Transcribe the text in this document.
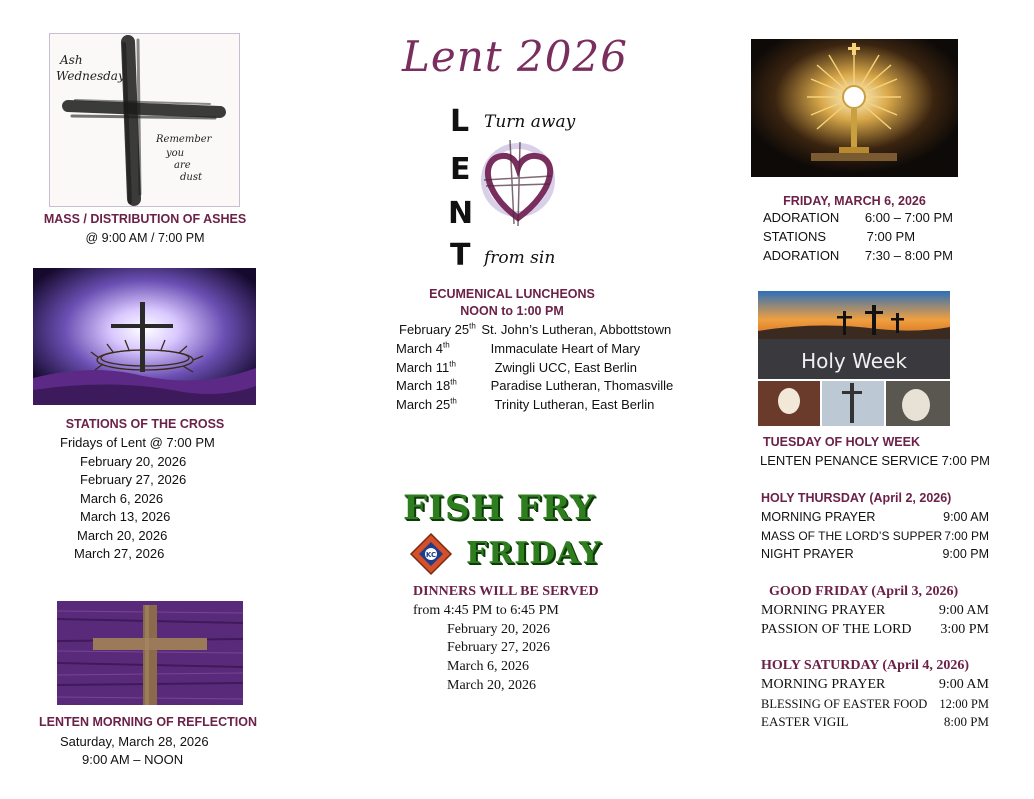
Ash
Wednesday
Remember
you
are
dust
MASS / DISTRIBUTION OF ASHES
@ 9:00 AM / 7:00 PM
STATIONS OF THE CROSS
Fridays of Lent @ 7:00 PM
February 20, 2026
February 27, 2026
March 6, 2026
March 13, 2026
March 20, 2026
March 27, 2026
LENTEN MORNING OF REFLECTION
Saturday, March 28, 2026
9:00 AM – NOON
Lent 2026
L
E
N
T
Turn away
from sin
ECUMENICAL LUNCHEONS
NOON to 1:00 PM
February 25th St. John’s Lutheran, Abbottstown
March 4th	Immaculate Heart of Mary
March 11th	Zwingli UCC, East Berlin
March 18th	Paradise Lutheran, Thomasville
March 25th	Trinity Lutheran, East Berlin
FISH FRY
KC FRIDAY
DINNERS WILL BE SERVED
from 4:45 PM to 6:45 PM
February 20, 2026
February 27, 2026
March 6, 2026
March 20, 2026
FRIDAY, MARCH 6, 2026
ADORATION 6:00 – 7:00 PM
STATIONS	7:00 PM
ADORATION 7:30 – 8:00 PM
Holy Week
TUESDAY OF HOLY WEEK
LENTEN PENANCE SERVICE 7:00 PM
HOLY THURSDAY (April 2, 2026)
MORNING PRAYER	9:00 AM
MASS OF THE LORD’S SUPPER 7:00 PM
NIGHT PRAYER	9:00 PM
GOOD FRIDAY (April 3, 2026)
MORNING PRAYER	9:00 AM
PASSION OF THE LORD 3:00 PM
HOLY SATURDAY (April 4, 2026)
MORNING PRAYER	9:00 AM
BLESSING OF EASTER FOOD 12:00 PM
EASTER VIGIL	8:00 PM
